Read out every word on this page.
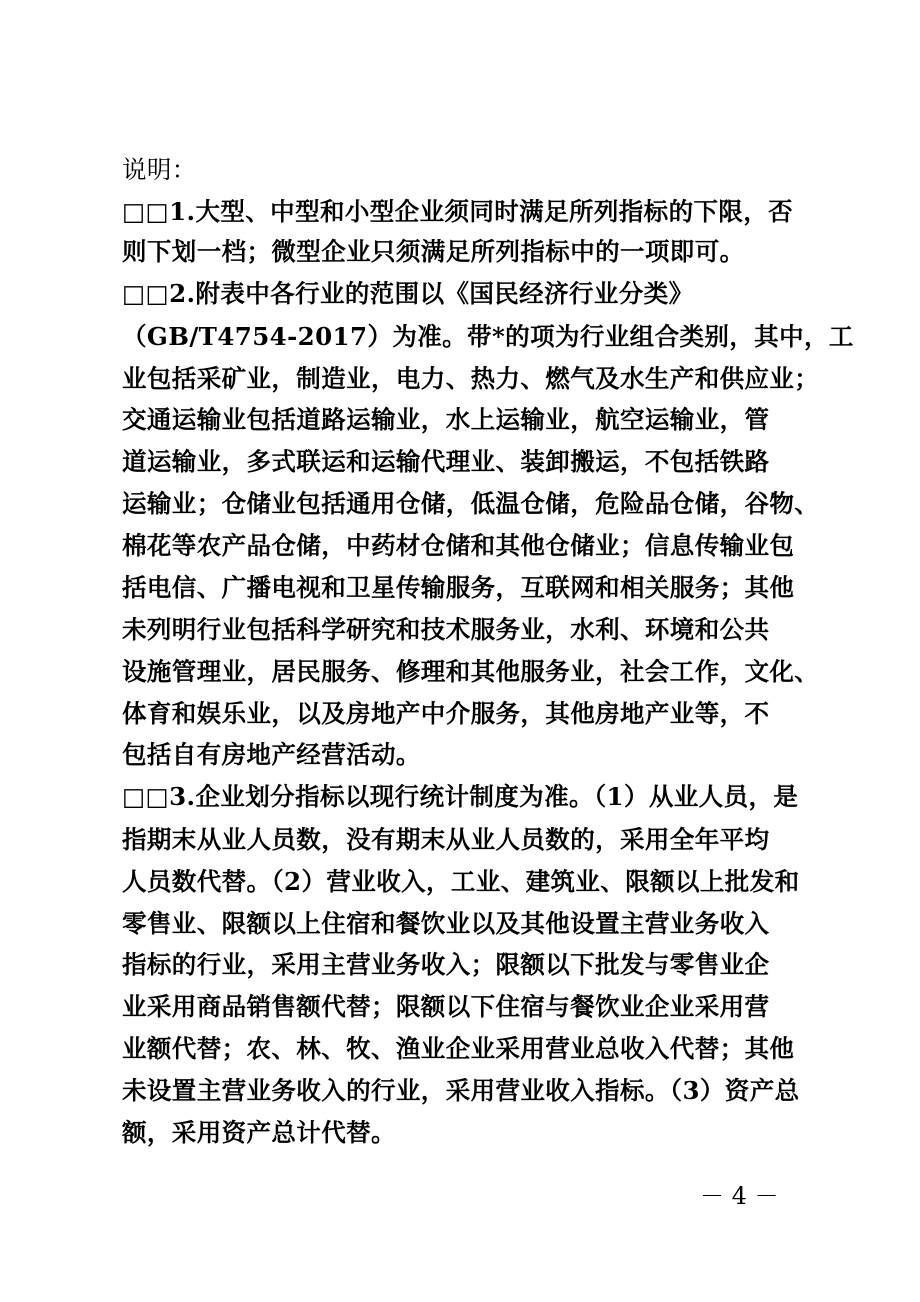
说明：
□□1.大型、中型和小型企业须同时满足所列指标的下限，否
则下划一档；微型企业只须满足所列指标中的一项即可。
□□2.附表中各行业的范围以《国民经济行业分类》
（GB/T4754-2017）为准。带*的项为行业组合类别，其中，工
业包括采矿业，制造业，电力、热力、燃气及水生产和供应业；
交通运输业包括道路运输业，水上运输业，航空运输业，管
道运输业，多式联运和运输代理业、装卸搬运，不包括铁路
运输业；仓储业包括通用仓储，低温仓储，危险品仓储，谷物、
棉花等农产品仓储，中药材仓储和其他仓储业；信息传输业包
括电信、广播电视和卫星传输服务，互联网和相关服务；其他
未列明行业包括科学研究和技术服务业，水利、环境和公共
设施管理业，居民服务、修理和其他服务业，社会工作，文化、
体育和娱乐业，以及房地产中介服务，其他房地产业等，不
包括自有房地产经营活动。
□□3.企业划分指标以现行统计制度为准。（1）从业人员，是
指期末从业人员数，没有期末从业人员数的，采用全年平均
人员数代替。（2）营业收入，工业、建筑业、限额以上批发和
零售业、限额以上住宿和餐饮业以及其他设置主营业务收入
指标的行业，采用主营业务收入；限额以下批发与零售业企
业采用商品销售额代替；限额以下住宿与餐饮业企业采用营
业额代替；农、林、牧、渔业企业采用营业总收入代替；其他
未设置主营业务收入的行业，采用营业收入指标。（3）资产总
额，采用资产总计代替。
－ 4 －
